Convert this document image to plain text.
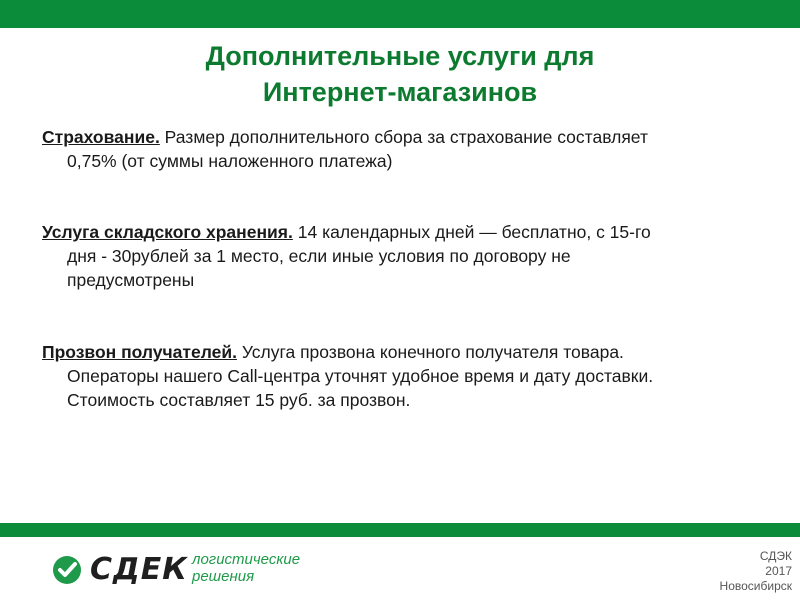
Дополнительные услуги для
Интернет-магазинов
Страхование. Размер дополнительного сбора за страхование составляет
0,75% (от суммы наложенного платежа)
Услуга складского хранения. 14 календарных дней — бесплатно, с 15-го
дня - 30рублей за 1 место, если иные условия по договору не
предусмотрены
Прозвон получателей. Услуга прозвона конечного получателя товара.
Операторы нашего Call-центра уточнят удобное время и дату доставки.
Стоимость составляет 15 руб. за прозвон.
СДЕК логистические
решения
СДЭК
2017
Новосибирск
